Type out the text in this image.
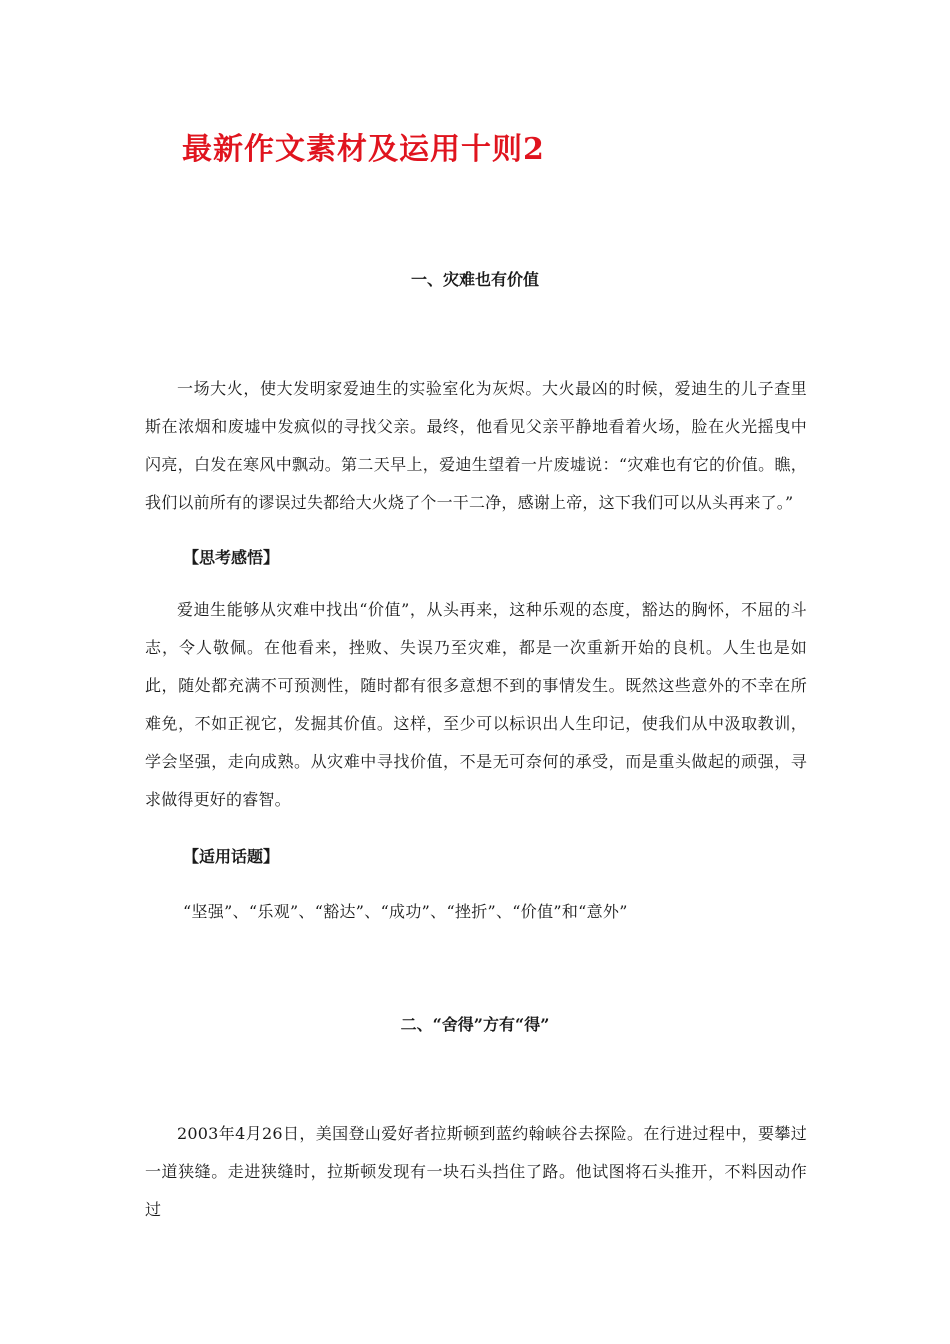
最新作文素材及运用十则2
一、灾难也有价值

一场大火，使大发明家爱迪生的实验室化为灰烬。大火最凶的时候，爱迪生的儿子查里斯在浓烟和废墟中发疯似的寻找父亲。最终，他看见父亲平静地看着火场，脸在火光摇曳中闪亮，白发在寒风中飘动。第二天早上，爱迪生望着一片废墟说：“灾难也有它的价值。瞧，我们以前所有的谬误过失都给大火烧了个一干二净，感谢上帝，这下我们可以从头再来了。”

【思考感悟】

爱迪生能够从灾难中找出“价值”，从头再来，这种乐观的态度，豁达的胸怀，不屈的斗志，令人敬佩。在他看来，挫败、失误乃至灾难，都是一次重新开始的良机。人生也是如此，随处都充满不可预测性，随时都有很多意想不到的事情发生。既然这些意外的不幸在所难免，不如正视它，发掘其价值。这样，至少可以标识出人生印记，使我们从中汲取教训，学会坚强，走向成熟。从灾难中寻找价值，不是无可奈何的承受，而是重头做起的顽强，寻求做得更好的睿智。

【适用话题】

“坚强”、“乐观”、“豁达”、“成功”、“挫折”、“价值”和“意外”

二、“舍得”方有“得”

2003年4月26日，美国登山爱好者拉斯顿到蓝约翰峡谷去探险。在行进过程中，要攀过一道狭缝。走进狭缝时，拉斯顿发现有一块石头挡住了路。他试图将石头推开，不料因动作过
